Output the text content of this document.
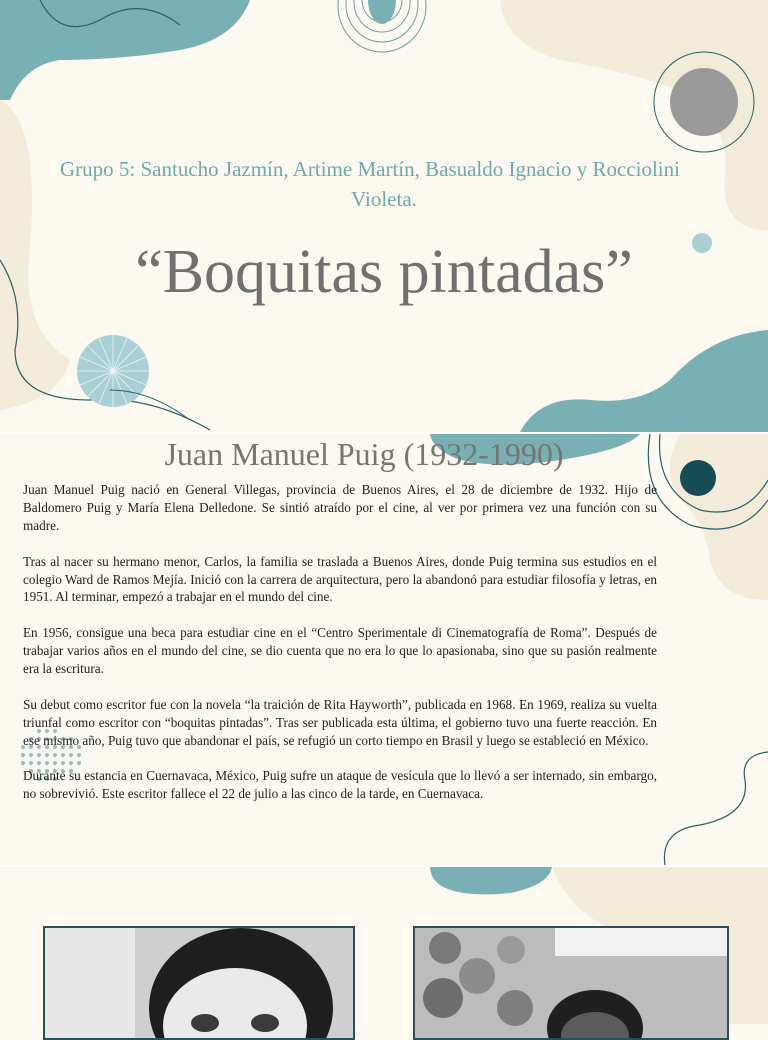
Grupo 5: Santucho Jazmín, Artime Martín, Basualdo Ignacio y Rocciolini
Violeta.
“Boquitas pintadas”
Juan Manuel Puig (1932-1990)

Juan Manuel Puig nació en General Villegas, provincia de Buenos Aires, el 28 de diciembre de 1932. Hijo de Baldomero Puig y María Elena Delledone. Se sintió atraído por el cine, al ver por primera vez una función con su madre.

Tras al nacer su hermano menor, Carlos, la familia se traslada a Buenos Aires, donde Puig termina sus estudios en el colegio Ward de Ramos Mejía. Inició con la carrera de arquitectura, pero la abandonó para estudiar filosofía y letras, en 1951. Al terminar, empezó a trabajar en el mundo del cine.

En 1956, consigue una beca para estudiar cine en el “Centro Sperimentale di Cinematografía de Roma”. Después de trabajar varios años en el mundo del cine, se dio cuenta que no era lo que lo apasionaba, sino que su pasión realmente era la escritura.

Su debut como escritor fue con la novela “la traición de Rita Hayworth”, publicada en 1968. En 1969, realiza su vuelta triunfal como escritor con “boquitas pintadas”. Tras ser publicada esta última, el gobierno tuvo una fuerte reacción. En ese mismo año, Puig tuvo que abandonar el país, se refugió un corto tiempo en Brasil y luego se estableció en México.

Durante su estancia en Cuernavaca, México, Puig sufre un ataque de vesícula que lo llevó a ser internado, sin embargo, no sobrevivió. Este escritor fallece el 22 de julio a las cinco de la tarde, en Cuernavaca.
